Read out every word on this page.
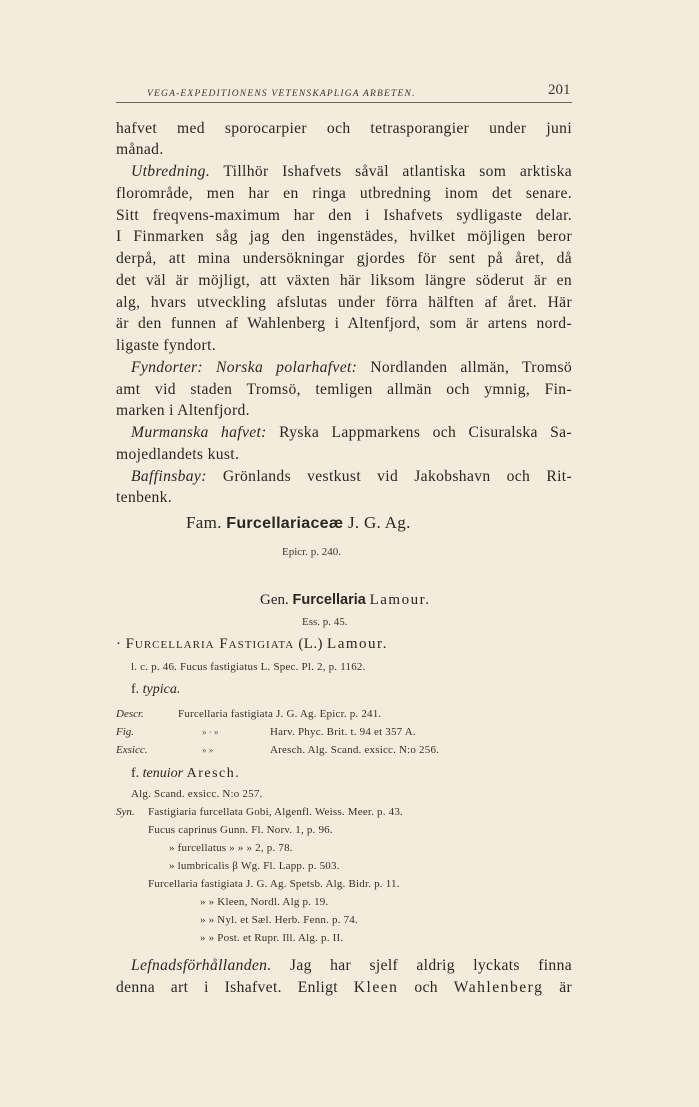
VEGA-EXPEDITIONENS VETENSKAPLIGA ARBETEN.	201
hafvet med sporocarpier och tetrasporangier under juni
månad.
Utbredning. Tillhör Ishafvets såväl atlantiska som arktiska
florområde, men har en ringa utbredning inom det senare.
Sitt freqvens-maximum har den i Ishafvets sydligaste delar.
I Finmarken såg jag den ingenstädes, hvilket möjligen beror
derpå, att mina undersökningar gjordes för sent på året, då
det väl är möjligt, att växten här liksom längre söderut är en
alg, hvars utveckling afslutas under förra hälften af året. Här
är den funnen af Wahlenberg i Altenfjord, som är artens nord-
ligaste fyndort.
Fyndorter: Norska polarhafvet: Nordlanden allmän, Tromsö
amt vid staden Tromsö, temligen allmän och ymnig, Fin-
marken i Altenfjord.
Murmanska hafvet: Ryska Lappmarkens och Cisuralska Sa-
mojedlandets kust.
Baffinsbay: Grönlands vestkust vid Jakobshavn och Rit-
tenbenk.
Fam. Furcellariaceæ J. G. Ag.
Epicr. p. 240.
Gen. Furcellaria Lamour.
Ess. p. 45.
· Furcellaria Fastigiata (L.) Lamour.
l. c. p. 46. Fucus fastigiatus L. Spec. Pl. 2, p. 1162.
f. typica.
Descr.	Furcellaria fastigiata J. G. Ag. Epicr. p. 241.
Fig.	» · »	Harv. Phyc. Brit. t. 94 et 357 A.
Exsicc.	» »	Aresch. Alg. Scand. exsicc. N:o 256.
f. tenuior Aresch.
Alg. Scand. exsicc. N:o 257.
Syn. Fastigiaria furcellata Gobi, Algenfl. Weiss. Meer. p. 43.
Fucus caprinus Gunn. Fl. Norv. 1, p. 96.
» furcellatus » » » 2, p. 78.
» lumbricalis β Wg. Fl. Lapp. p. 503.
Furcellaria fastigiata J. G. Ag. Spetsb. Alg. Bidr. p. 11.
» » Kleen, Nordl. Alg p. 19.
» » Nyl. et Sæl. Herb. Fenn. p. 74.
» » Post. et Rupr. Ill. Alg. p. II.
Lefnadsförhållanden. Jag har sjelf aldrig lyckats finna
denna art i Ishafvet. Enligt Kleen och Wahlenberg är
